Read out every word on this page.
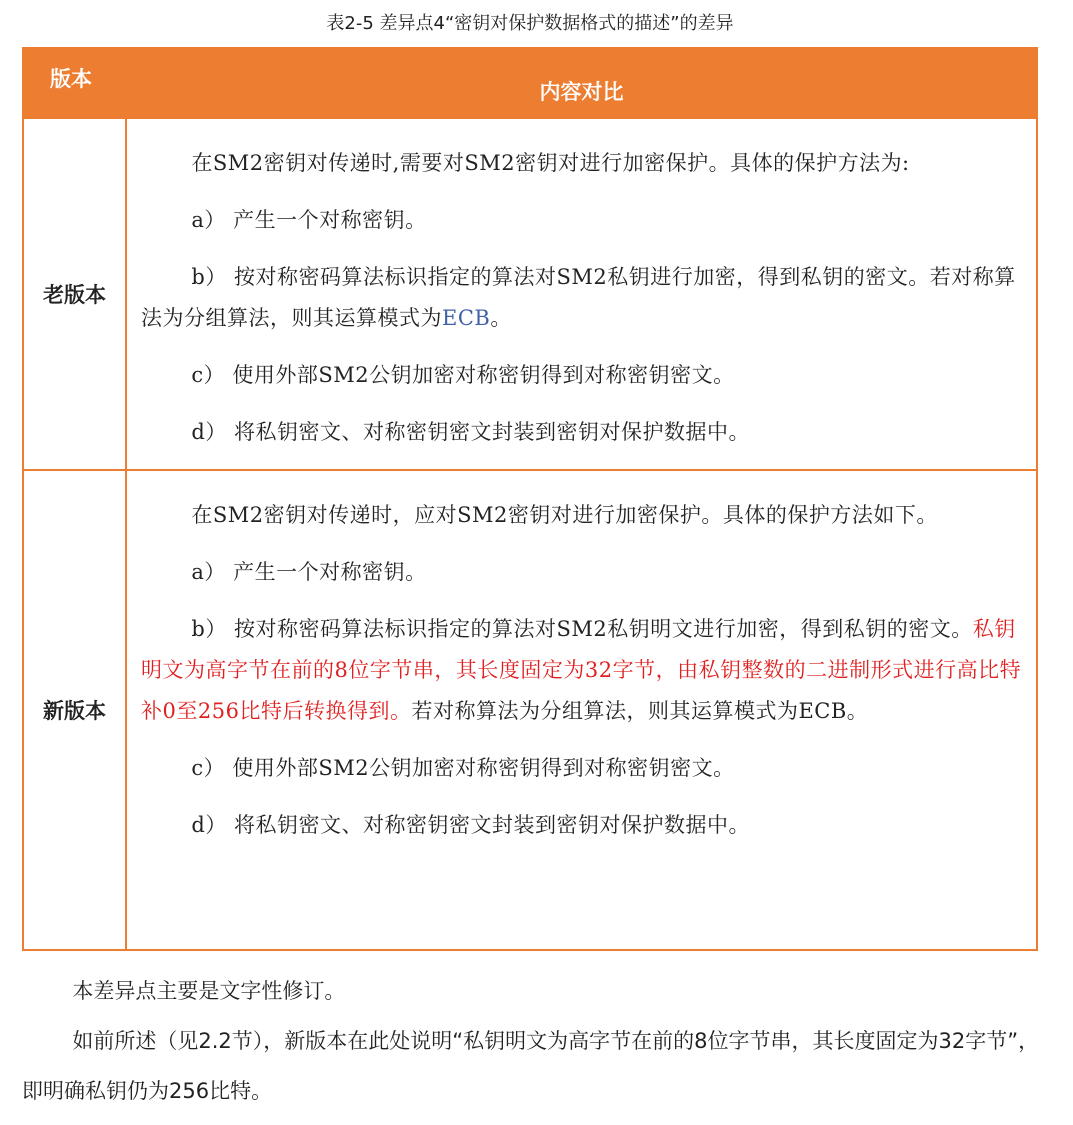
表2-5 差异点4“密钥对保护数据格式的描述”的差异
版本
内容对比
老版本

在SM2密钥对传递时,需要对SM2密钥对进行加密保护。具体的保护方法为:

a） 产生一个对称密钥。

b） 按对称密码算法标识指定的算法对SM2私钥进行加密，得到私钥的密文。若对称算法为分组算法，则其运算模式为ECB。

c） 使用外部SM2公钥加密对称密钥得到对称密钥密文。

d） 将私钥密文、对称密钥密文封装到密钥对保护数据中。

新版本

在SM2密钥对传递时，应对SM2密钥对进行加密保护。具体的保护方法如下。

a） 产生一个对称密钥。

b） 按对称密码算法标识指定的算法对SM2私钥明文进行加密，得到私钥的密文。私钥明文为高字节在前的8位字节串，其长度固定为32字节，由私钥整数的二进制形式进行高比特补0至256比特后转换得到。若对称算法为分组算法，则其运算模式为ECB。

c） 使用外部SM2公钥加密对称密钥得到对称密钥密文。

d） 将私钥密文、对称密钥密文封装到密钥对保护数据中。

本差异点主要是文字性修订。

如前所述（见2.2节），新版本在此处说明“私钥明文为高字节在前的8位字节串，其长度固定为32字节”，即明确私钥仍为256比特。
